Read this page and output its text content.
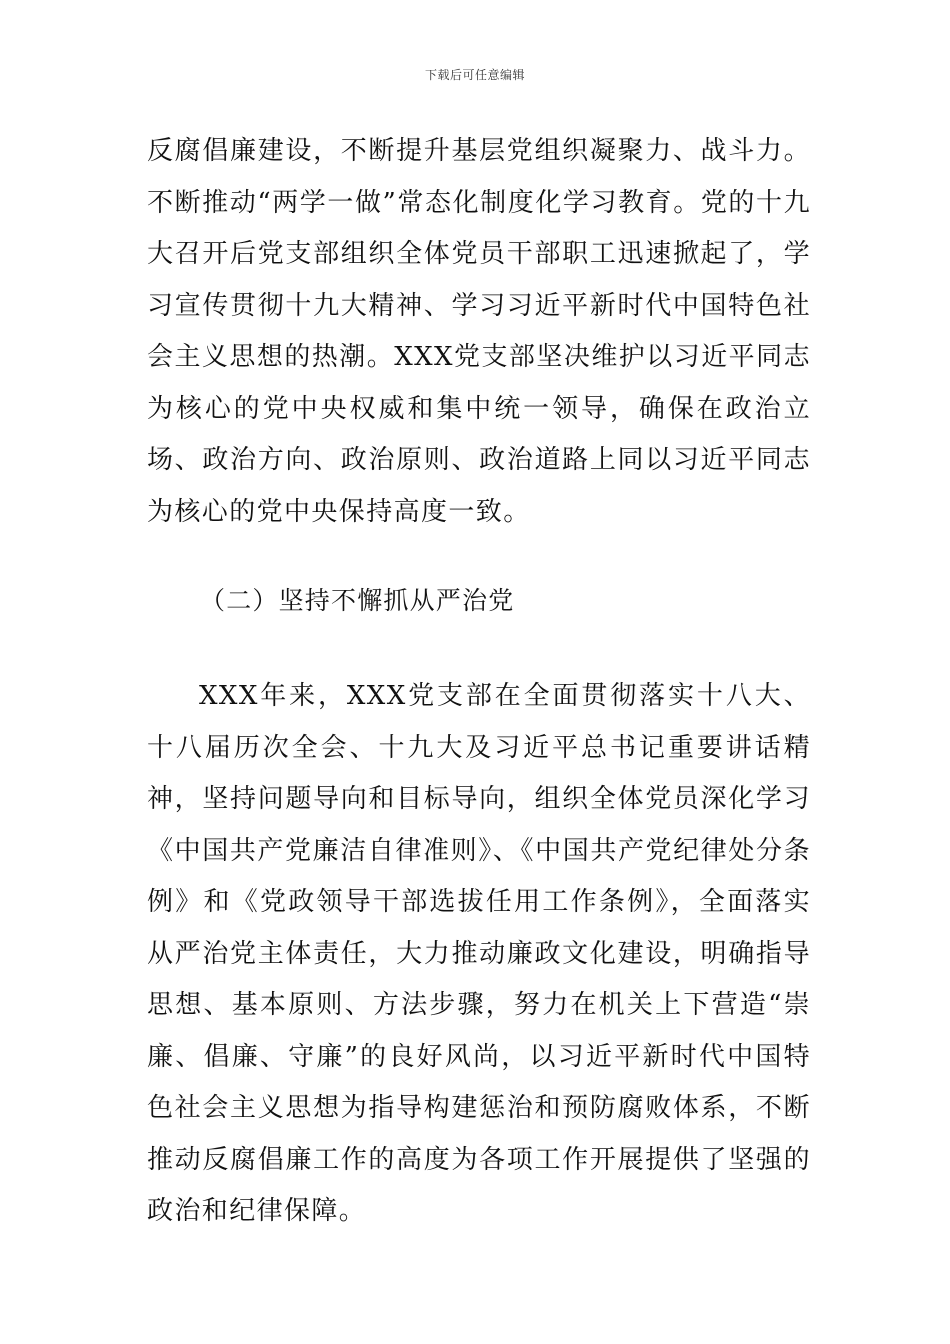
下载后可任意编辑
反腐倡廉建设，不断提升基层党组织凝聚力、战斗力。不断推动“两学一做”常态化制度化学习教育。党的十九大召开后党支部组织全体党员干部职工迅速掀起了，学习宣传贯彻十九大精神、学习习近平新时代中国特色社会主义思想的热潮。XXX党支部坚决维护以习近平同志为核心的党中央权威和集中统一领导，确保在政治立场、政治方向、政治原则、政治道路上同以习近平同志为核心的党中央保持高度一致。
（二）坚持不懈抓从严治党
XXX年来，XXX党支部在全面贯彻落实十八大、十八届历次全会、十九大及习近平总书记重要讲话精神，坚持问题导向和目标导向，组织全体党员深化学习《中国共产党廉洁自律准则》、《中国共产党纪律处分条例》和《党政领导干部选拔任用工作条例》，全面落实从严治党主体责任，大力推动廉政文化建设，明确指导思想、基本原则、方法步骤，努力在机关上下营造“崇廉、倡廉、守廉”的良好风尚，以习近平新时代中国特色社会主义思想为指导构建惩治和预防腐败体系，不断推动反腐倡廉工作的高度为各项工作开展提供了坚强的政治和纪律保障。
